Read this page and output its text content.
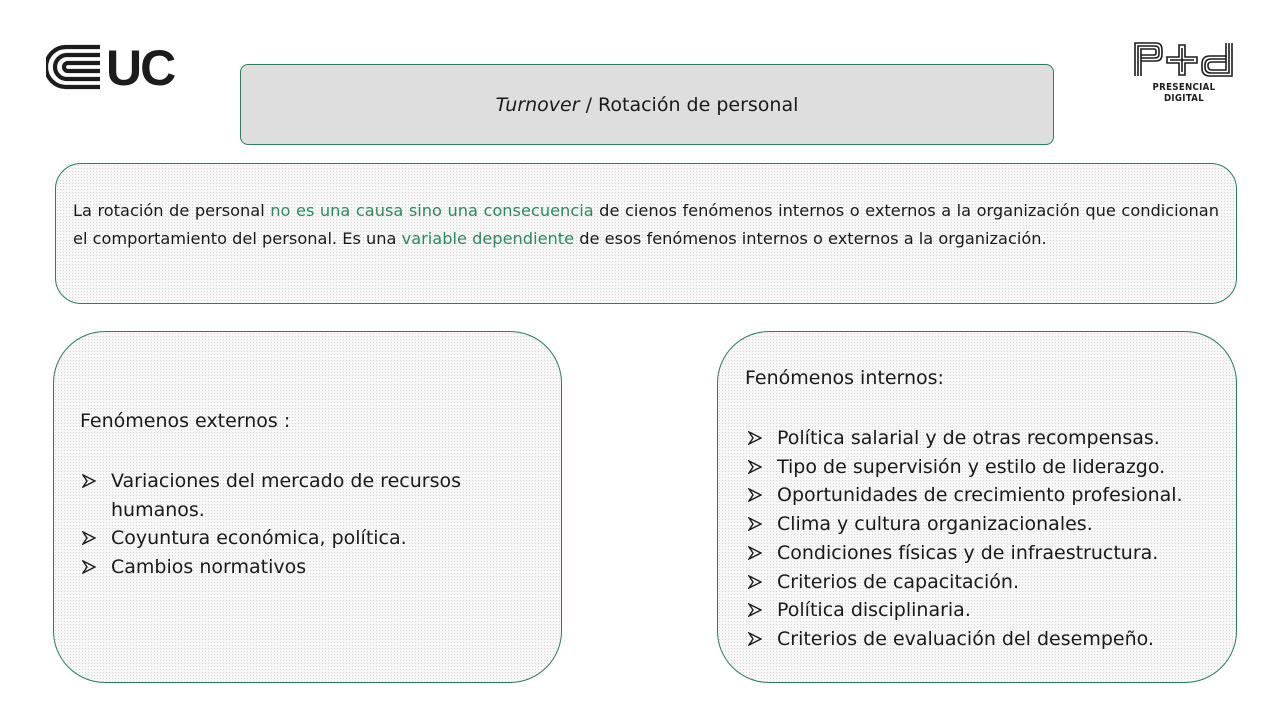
UC	PRESENCIAL DIGITAL
Turnover / Rotación de personal
La rotación de personal no es una causa sino una consecuencia de cienos fenómenos internos o externos a la organización que condicionan el comportamiento del personal. Es una variable dependiente de esos fenómenos internos o externos a la organización.
Fenómenos externos :
Variaciones del mercado de recursos humanos.
Coyuntura económica, política.
Cambios normativos
Fenómenos internos:
Política salarial y de otras recompensas.
Tipo de supervisión y estilo de liderazgo.
Oportunidades de crecimiento profesional.
Clima y cultura organizacionales.
Condiciones físicas y de infraestructura.
Criterios de capacitación.
Política disciplinaria.
Criterios de evaluación del desempeño.
